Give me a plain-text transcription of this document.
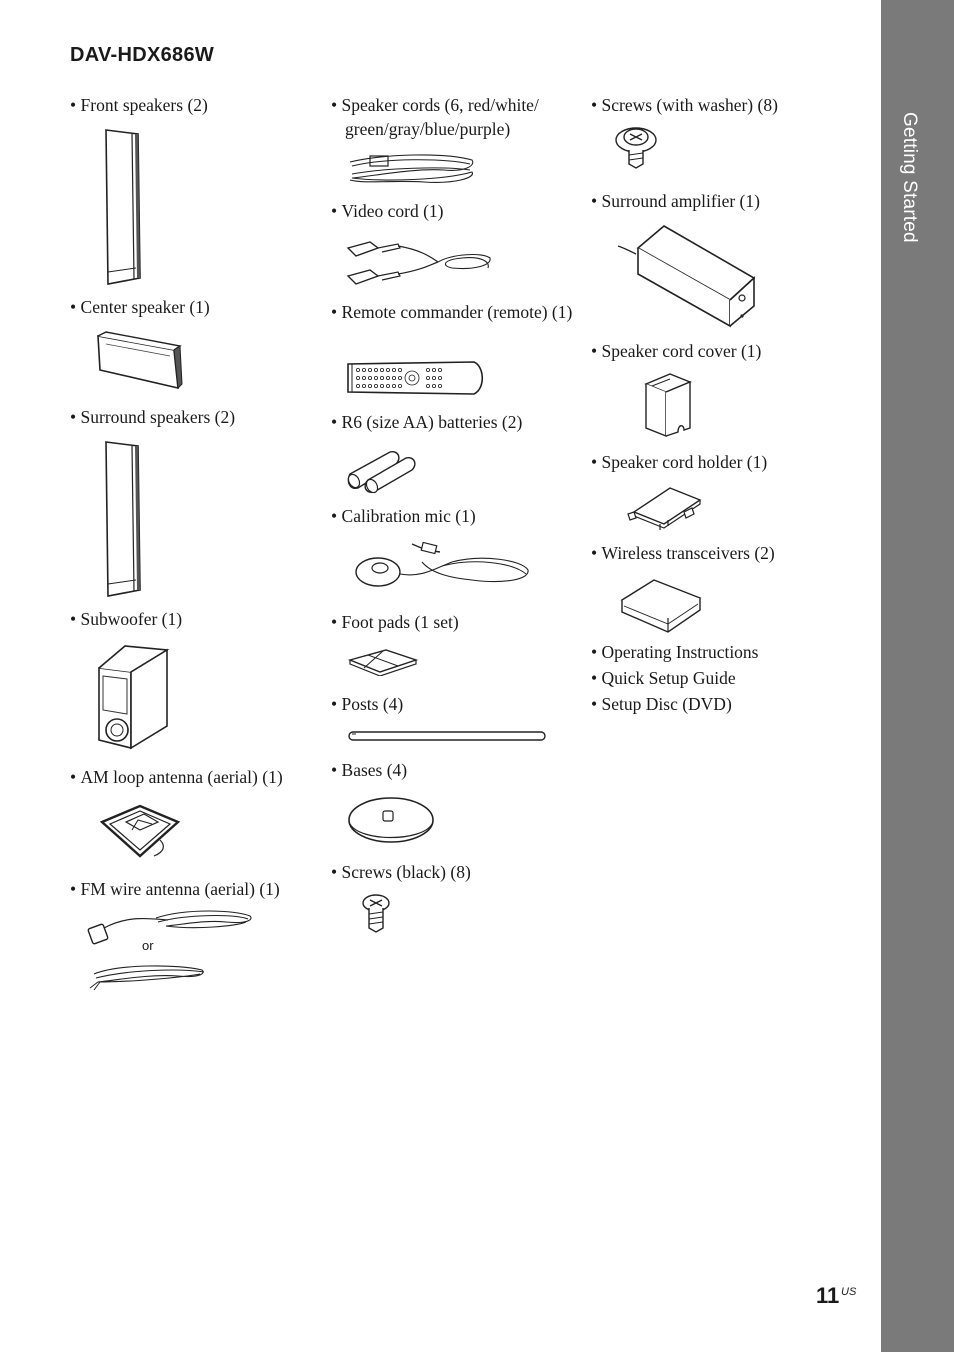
Getting Started
DAV-HDX686W
• Front speakers (2)
• Center speaker (1)
• Surround speakers (2)
• Subwoofer (1)
• AM loop antenna (aerial) (1)
• FM wire antenna (aerial) (1)
or
• Speaker cords (6, red/white/ green/gray/blue/purple)
• Video cord (1)
• Remote commander (remote) (1)
• R6 (size AA) batteries (2)
• Calibration mic (1)
• Foot pads (1 set)
• Posts (4)
• Bases (4)
• Screws (black) (8)
• Screws (with washer) (8)
• Surround amplifier (1)
• Speaker cord cover (1)
• Speaker cord holder (1)
• Wireless transceivers (2)
• Operating Instructions
• Quick Setup Guide
• Setup Disc (DVD)
11 US
